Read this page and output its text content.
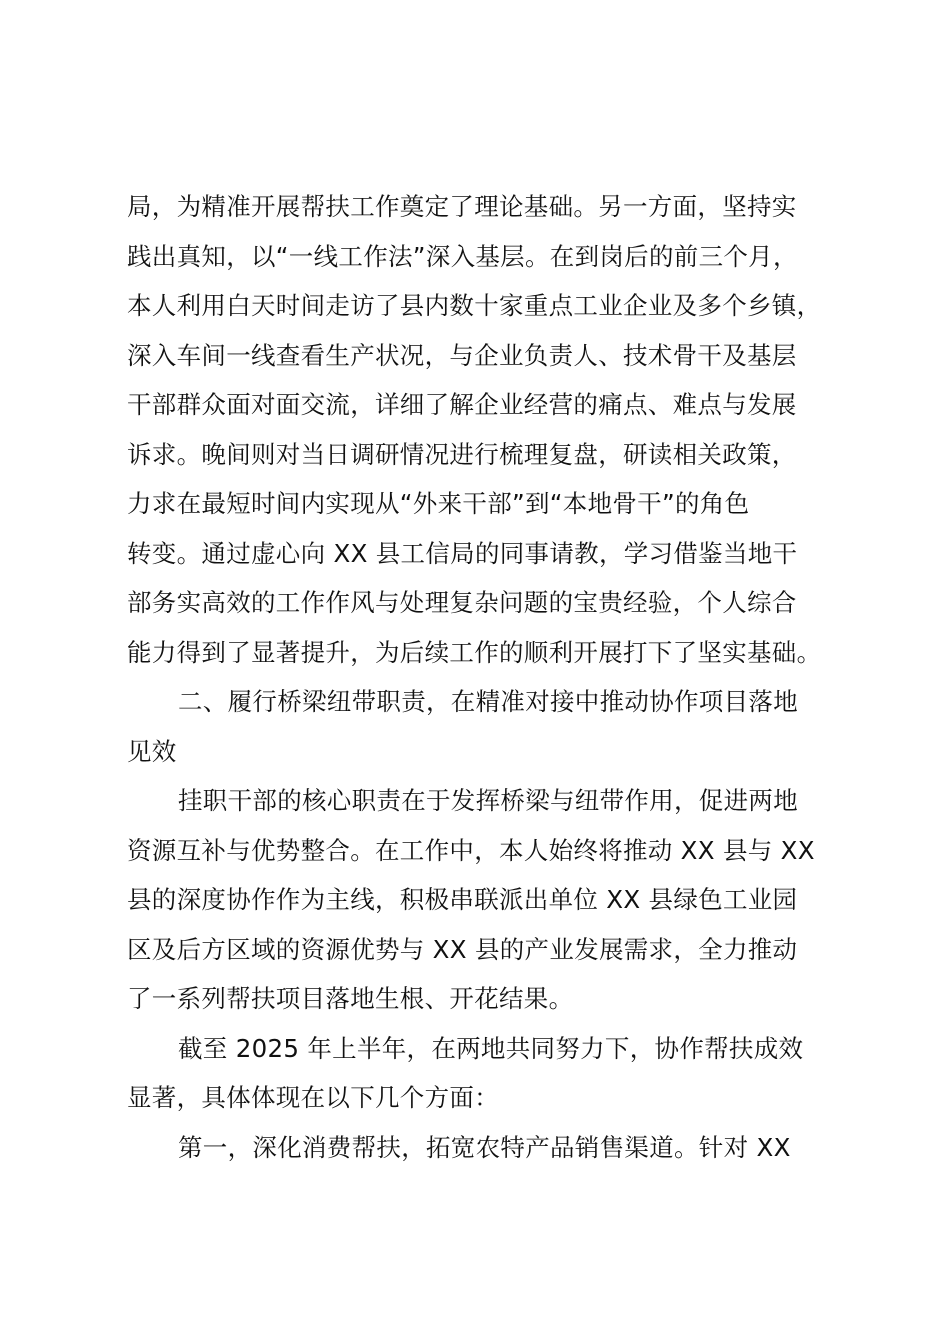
局，为精准开展帮扶工作奠定了理论基础。另一方面，坚持实
践出真知，以“一线工作法”深入基层。在到岗后的前三个月，
本人利用白天时间走访了县内数十家重点工业企业及多个乡镇，
深入车间一线查看生产状况，与企业负责人、技术骨干及基层
干部群众面对面交流，详细了解企业经营的痛点、难点与发展
诉求。晚间则对当日调研情况进行梳理复盘，研读相关政策，
力求在最短时间内实现从“外来干部”到“本地骨干”的角色
转变。通过虚心向 XX 县工信局的同事请教，学习借鉴当地干
部务实高效的工作作风与处理复杂问题的宝贵经验，个人综合
能力得到了显著提升，为后续工作的顺利开展打下了坚实基础。
二、履行桥梁纽带职责，在精准对接中推动协作项目落地
见效
挂职干部的核心职责在于发挥桥梁与纽带作用，促进两地
资源互补与优势整合。在工作中，本人始终将推动 XX 县与 XX
县的深度协作作为主线，积极串联派出单位 XX 县绿色工业园
区及后方区域的资源优势与 XX 县的产业发展需求，全力推动
了一系列帮扶项目落地生根、开花结果。
截至 2025 年上半年，在两地共同努力下，协作帮扶成效
显著，具体体现在以下几个方面：
第一，深化消费帮扶，拓宽农特产品销售渠道。针对 XX
